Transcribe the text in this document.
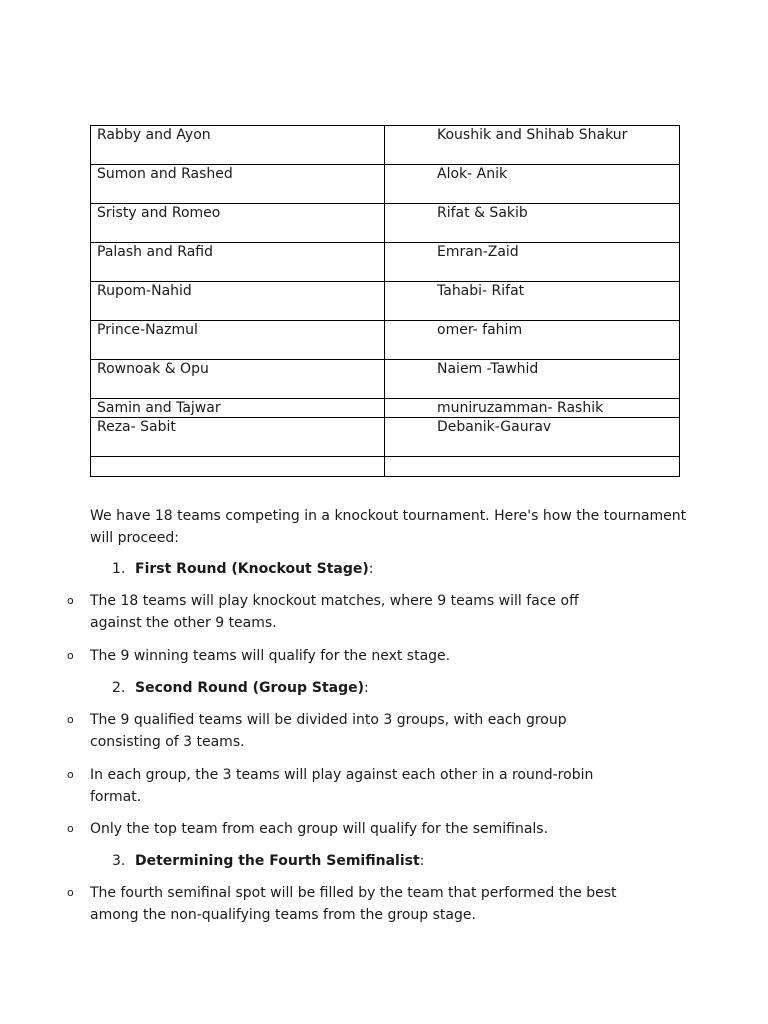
Rabby and Ayon	Koushik and Shihab Shakur
Sumon and Rashed	Alok- Anik
Sristy and Romeo	Rifat & Sakib
Palash and Rafid	Emran-Zaid
Rupom-Nahid	Tahabi- Rifat
Prince-Nazmul	omer- fahim
Rownoak & Opu	Naiem -Tawhid
Samin and Tajwar	muniruzamman- Rashik
Reza- Sabit	Debanik-Gaurav

We have 18 teams competing in a knockout tournament. Here's how the tournament will proceed:
1. First Round (Knockout Stage):
o The 18 teams will play knockout matches, where 9 teams will face off against the other 9 teams.
o The 9 winning teams will qualify for the next stage.
2. Second Round (Group Stage):
o The 9 qualified teams will be divided into 3 groups, with each group consisting of 3 teams.
o In each group, the 3 teams will play against each other in a round-robin format.
o Only the top team from each group will qualify for the semifinals.
3. Determining the Fourth Semifinalist:
o The fourth semifinal spot will be filled by the team that performed the best among the non-qualifying teams from the group stage.
